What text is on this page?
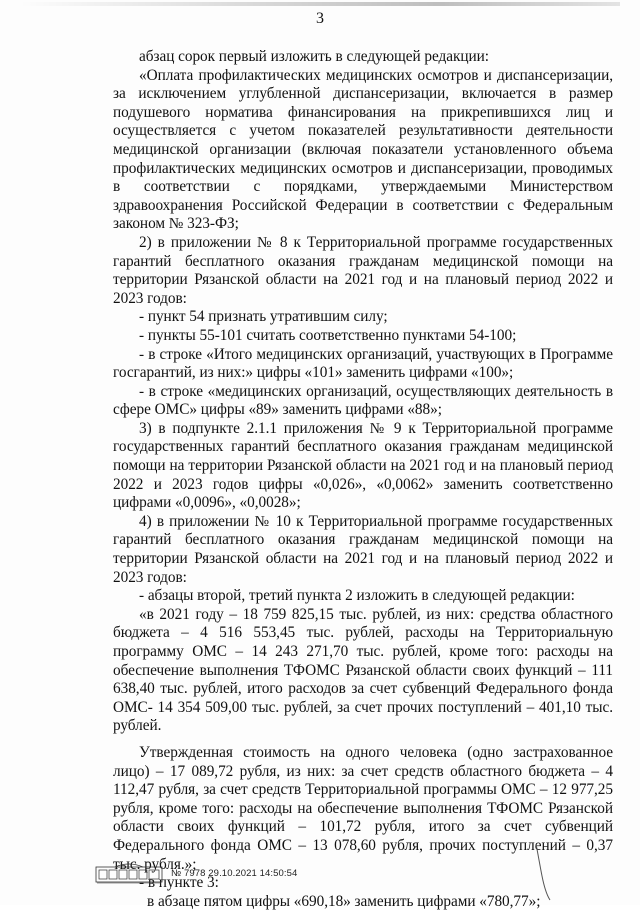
3

абзац сорок первый изложить в следующей редакции:

«Оплата профилактических медицинских осмотров и диспансеризации, за исключением углубленной диспансеризации, включается в размер подушевого норматива финансирования на прикрепившихся лиц и осуществляется с учетом показателей результативности деятельности медицинской организации (включая показатели установленного объема профилактических медицинских осмотров и диспансеризации, проводимых в соответствии с порядками, утверждаемыми Министерством здравоохранения Российской Федерации в соответствии с Федеральным законом № 323-ФЗ;

2) в приложении № 8 к Территориальной программе государственных гарантий бесплатного оказания гражданам медицинской помощи на территории Рязанской области на 2021 год и на плановый период 2022 и 2023 годов:

- пункт 54 признать утратившим силу;

- пункты 55-101 считать соответственно пунктами 54-100;

- в строке «Итого медицинских организаций, участвующих в Программе госгарантий, из них:» цифры «101» заменить цифрами «100»;

- в строке «медицинских организаций, осуществляющих деятельность в сфере ОМС» цифры «89» заменить цифрами «88»;

3) в подпункте 2.1.1 приложения № 9 к Территориальной программе государственных гарантий бесплатного оказания гражданам медицинской помощи на территории Рязанской области на 2021 год и на плановый период 2022 и 2023 годов цифры «0,026», «0,0062» заменить соответственно цифрами «0,0096», «0,0028»;

4) в приложении № 10 к Территориальной программе государственных гарантий бесплатного оказания гражданам медицинской помощи на территории Рязанской области на 2021 год и на плановый период 2022 и 2023 годов:

- абзацы второй, третий пункта 2 изложить в следующей редакции:

«в 2021 году – 18 759 825,15 тыс. рублей, из них: средства областного бюджета – 4 516 553,45 тыс. рублей, расходы на Территориальную программу ОМС – 14 243 271,70 тыс. рублей, кроме того: расходы на обеспечение выполнения ТФОМС Рязанской области своих функций – 111 638,40 тыс. рублей, итого расходов за счет субвенций Федерального фонда ОМС- 14 354 509,00 тыс. рублей, за счет прочих поступлений – 401,10 тыс. рублей.

Утвержденная стоимость на одного человека (одно застрахованное лицо) – 17 089,72 рубля, из них: за счет средств областного бюджета – 4 112,47 рубля, за счет средств Территориальной программы ОМС – 12 977,25 рубля, кроме того: расходы на обеспечение выполнения ТФОМС Рязанской области своих функций – 101,72 рубля, итого за счет субвенций Федерального фонда ОМС – 13 078,60 рубля, прочих поступлений – 0,37 тыс. рубля.»;

- в пункте 3:

в абзаце пятом цифры «690,18» заменить цифрами «780,77»;

№ 7978 29.10.2021 14:50:54
